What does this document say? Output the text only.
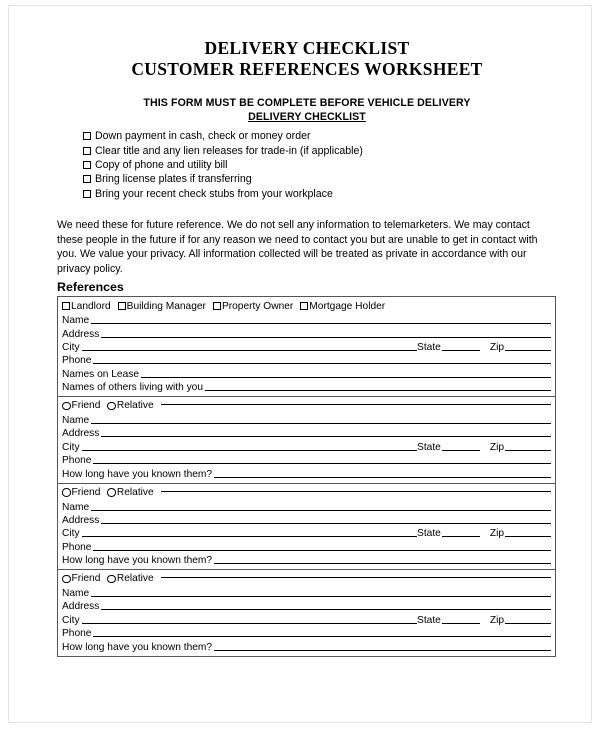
DELIVERY CHECKLIST
CUSTOMER REFERENCES WORKSHEET
THIS FORM MUST BE COMPLETE BEFORE VEHICLE DELIVERY
DELIVERY CHECKLIST
Down payment in cash, check or money order
Clear title and any lien releases for trade-in (if applicable)
Copy of phone and utility bill
Bring license plates if transferring
Bring your recent check stubs from your workplace
We need these for future reference. We do not sell any information to telemarketers. We may contact these people in the future if for any reason we need to contact you but are unable to get in contact with you. We value your privacy. All information collected will be treated as private in accordance with our privacy policy.
References
Landlord Building Manager Property Owner Mortgage Holder
Name
Address
City	State	Zip
Phone
Names on Lease
Names of others living with you
Friend Relative
Name
Address
City	State	Zip
Phone
How long have you known them?
Friend Relative
Name
Address
City	State	Zip
Phone
How long have you known them?
Friend Relative
Name
Address
City	State	Zip
Phone
How long have you known them?
